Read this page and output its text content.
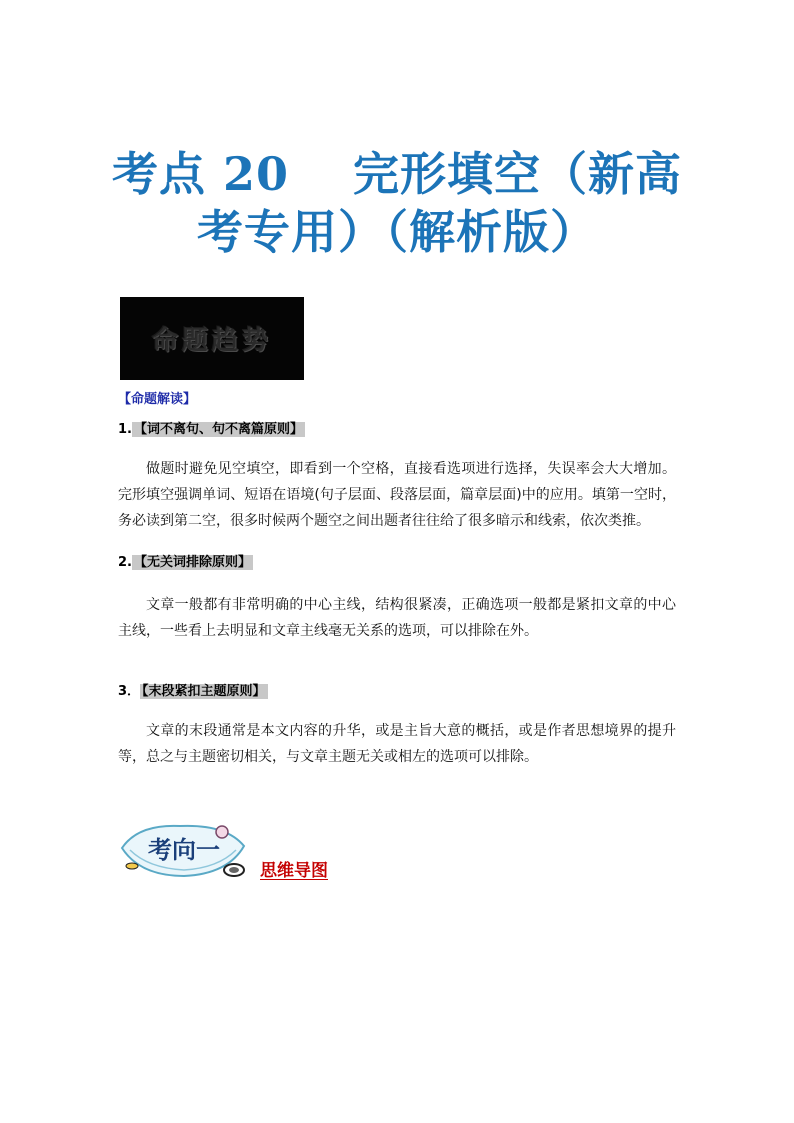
考点 20　 完形填空（新高
考专用）（解析版）
命题趋势
【命题解读】
1. 【词不离句、句不离篇原则】

做题时避免见空填空，即看到一个空格，直接看选项进行选择，失误率会大大增加。完形填空强调单词、短语在语境(句子层面、段落层面，篇章层面)中的应用。填第一空时，务必读到第二空，很多时候两个题空之间出题者往往给了很多暗示和线索，依次类推。

2. 【无关词排除原则】

文章一般都有非常明确的中心主线，结构很紧凑，正确选项一般都是紧扣文章的中心主线，一些看上去明显和文章主线毫无关系的选项，可以排除在外。

3． 【末段紧扣主题原则】

文章的末段通常是本文内容的升华，或是主旨大意的概括，或是作者思想境界的提升等，总之与主题密切相关，与文章主题无关或相左的选项可以排除。

考向一
思维导图
